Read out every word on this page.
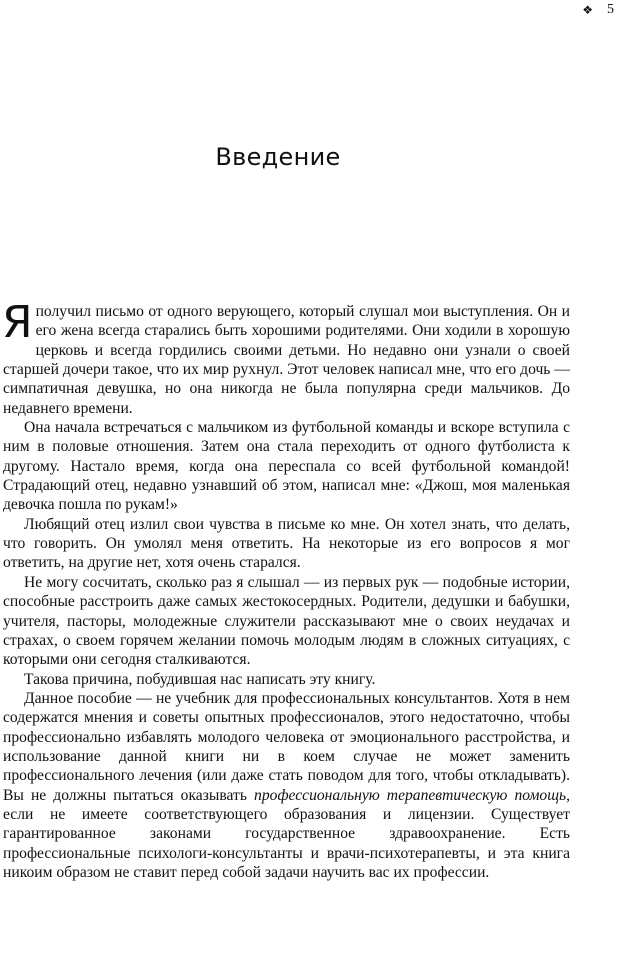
❖ 5
Введение

Яполучил письмо от одного верующего, который слушал мои выступления. Он и его жена всегда старались быть хорошими родителями. Они ходили в хорошую церковь и всегда гордились своими детьми. Но недавно они узнали о своей старшей дочери такое, что их мир рухнул. Этот человек написал мне, что его дочь — симпатичная девушка, но она никогда не была популярна среди мальчиков. До недавнего времени.

Она начала встречаться с мальчиком из футбольной команды и вскоре вступила с ним в половые отношения. Затем она стала переходить от одного футболиста к другому. Настало время, когда она переспала со всей футбольной командой! Страдающий отец, недавно узнавший об этом, написал мне: «Джош, моя маленькая девочка пошла по рукам!»

Любящий отец излил свои чувства в письме ко мне. Он хотел знать, что делать, что говорить. Он умолял меня ответить. На некоторые из его вопросов я мог ответить, на другие нет, хотя очень старался.

Не могу сосчитать, сколько раз я слышал — из первых рук — подобные истории, способные расстроить даже самых жестокосердных. Родители, дедушки и бабушки, учителя, пасторы, молодежные служители рассказывают мне о своих неудачах и страхах, о своем горячем желании помочь молодым людям в сложных ситуациях, с которыми они сегодня сталкиваются.

Такова причина, побудившая нас написать эту книгу.

Данное пособие — не учебник для профессиональных консультантов. Хотя в нем содержатся мнения и советы опытных профессионалов, этого недостаточно, чтобы профессионально избавлять молодого человека от эмоционального расстройства, и использование данной книги ни в коем случае не может заменить профессионального лечения (или даже стать поводом для того, чтобы откладывать). Вы не должны пытаться оказывать профессиональную терапевтическую помощь, если не имеете соответствующего образования и лицензии. Существует гарантированное законами государственное здравоохранение. Есть профессиональные психологи-консультанты и врачи-психотерапевты, и эта книга никоим образом не ставит перед собой задачи научить вас их профессии.
